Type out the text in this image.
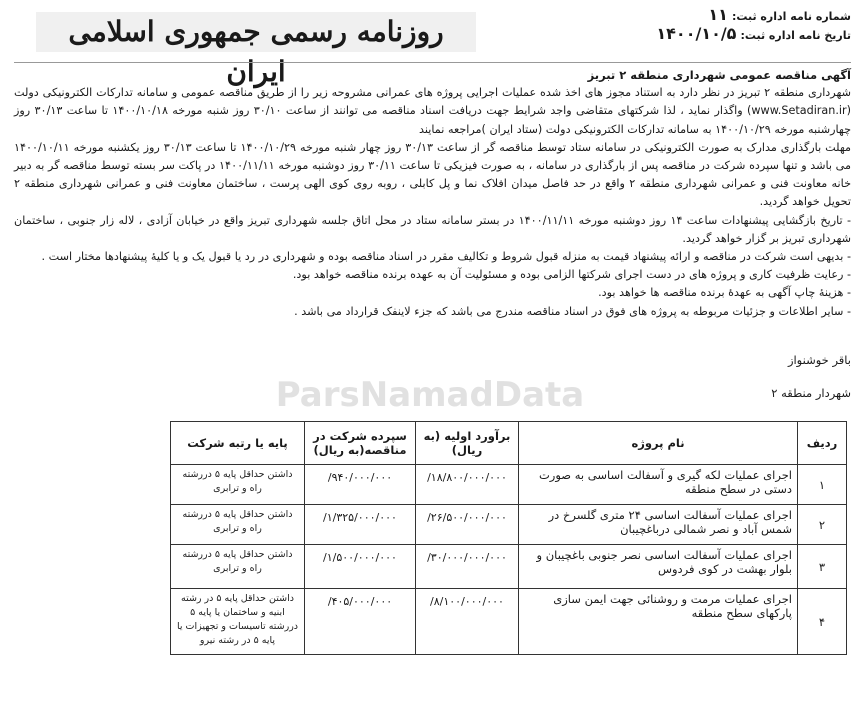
شماره نامه اداره ثبت:۱۱
تاریخ نامه اداره ثبت:۱۴۰۰/۱۰/۵
روزنامه رسمی جمهوری اسلامی ایران	آگهی مناقصه عمومی شهرداری منطقه ۲ تبریز

شهرداری منطقه ۲ تبریز در نظر دارد به استناد مجوز های اخذ شده عملیات اجرایی پروژه های عمرانی مشروحه زیر را از طریق مناقصه عمومی و سامانه تدارکات الکترونیکی دولت (www.Setadiran.ir) واگذار نماید ، لذا شرکتهای متقاضی واجد شرایط جهت دریافت اسناد مناقصه می توانند از ساعت ۳۰/۱۰ روز شنبه مورخه ۱۴۰۰/۱۰/۱۸ تا ساعت ۳۰/۱۳ روز چهارشنبه مورخه ۱۴۰۰/۱۰/۲۹ به سامانه تدارکات الکترونیکی دولت (ستاد ایران )مراجعه نمایند

مهلت بارگذاری مدارک به صورت الکترونیکی در سامانه ستاد توسط مناقصه گر از ساعت ۳۰/۱۳ روز چهار شنبه مورخه ۱۴۰۰/۱۰/۲۹ تا ساعت ۳۰/۱۳ روز یکشنبه مورخه ۱۴۰۰/۱۰/۱۱ می باشد و تنها سپرده شرکت در مناقصه پس از بارگذاری در سامانه ، به صورت فیزیکی تا ساعت ۳۰/۱۱ روز دوشنبه مورخه ۱۴۰۰/۱۱/۱۱ در پاکت سر بسته توسط مناقصه گر به دبیر خانه معاونت فنی و عمرانی شهرداری منطقه ۲ واقع در حد فاصل میدان افلاک نما و پل کابلی ، روبه روی کوی الهی پرست ، ساختمان معاونت فنی و عمرانی شهرداری منطقه ۲ تحویل خواهد گردید.

- تاریخ بازگشایی پیشنهادات ساعت ۱۴ روز دوشنبه مورخه ۱۴۰۰/۱۱/۱۱ در بستر سامانه ستاد در محل اتاق جلسه شهرداری تبریز واقع در خیابان آزادی ، لاله زار جنوبی ، ساختمان شهرداری تبریز بر گزار خواهد گردید.

- بدیهی است شرکت در مناقصه و ارائه پیشنهاد قیمت به منزله قبول شروط و تکالیف مقرر در اسناد مناقصه بوده و شهرداری در رد یا قبول یک و یا کلیهٔ پیشنهادها مختار است .

- رعایت ظرفیت کاری و پروژه های در دست اجرای شرکتها الزامی بوده و مسئولیت آن به عهده برنده مناقصه خواهد بود.

- هزینهٔ چاپ آگهی به عهدهٔ برنده مناقصه ها خواهد بود.

- سایر اطلاعات و جزئیات مربوطه به پروژه های فوق در اسناد مناقصه مندرج می باشد که جزء لاینفک قرارداد می باشد .

باقر خوشنواز
شهردار منطقه ۲
ردیف	نام پروژه	برآورد اولیه (به ریال)	سپرده شرکت در مناقصه(به ریال)	پایه یا رتبه شرکت
۱	اجرای عملیات لکه گیری و آسفالت اساسی به صورت دستی در سطح منطقه	۱۸/۸۰۰/۰۰۰/۰۰۰/	۹۴۰/۰۰۰/۰۰۰/	داشتن حداقل پایه ۵ دررشته راه و ترابری
۲	اجرای عملیات آسفالت اساسی ۲۴ متری گلسرخ در شمس آباد و نصر شمالی درباغچیبان	۲۶/۵۰۰/۰۰۰/۰۰۰/	۱/۳۲۵/۰۰۰/۰۰۰/	داشتن حداقل پایه ۵ دررشته راه و ترابری
۳	اجرای عملیات آسفالت اساسی نصر جنوبی باغچیبان و بلوار بهشت در کوی فردوس	۳۰/۰۰۰/۰۰۰/۰۰۰/	۱/۵۰۰/۰۰۰/۰۰۰/	داشتن حداقل پایه ۵ دررشته راه و ترابری
۴	اجرای عملیات مرمت و روشنائی جهت ایمن سازی پارکهای سطح منطقه	۸/۱۰۰/۰۰۰/۰۰۰/	۴۰۵/۰۰۰/۰۰۰/	داشتن حداقل پایه ۵ در رشته ابنیه و ساختمان یا پایه ۵ دررشته تاسیسات و تجهیزات یا پایه ۵ در رشته نیرو
ParsNamadData
